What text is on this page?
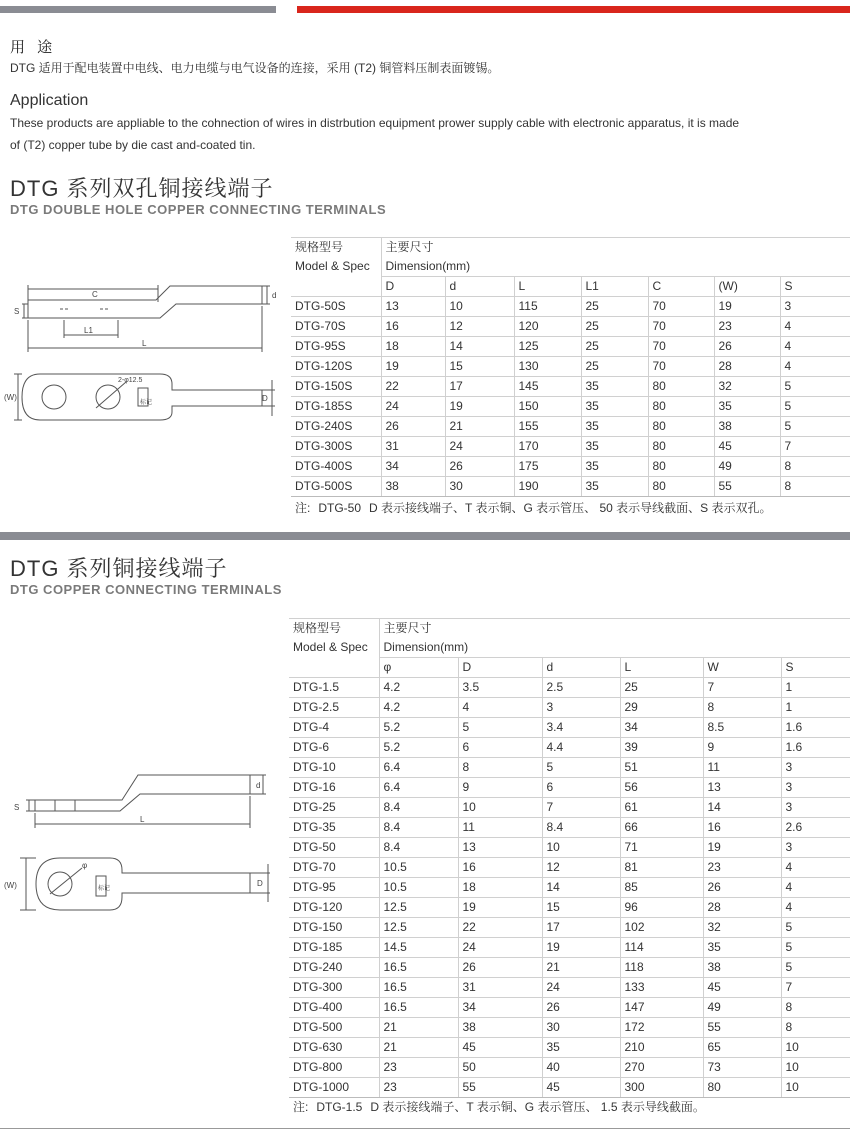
用 途
DTG 适用于配电装置中电线、电力电缆与电气设备的连接，采用 (T2) 铜管料压制表面镀锡。
Application
These products are appliable to the cohnection of wires in distrbution equipment prower supply cable with electronic apparatus, it is made
of (T2) copper tube by die cast and-coated tin.
DTG 系列双孔铜接线端子
DTG DOUBLE HOLE COPPER CONNECTING TERMINALS
C
S
d
L1
L
(W)	D
2-φ12.5
标记
规格型号	主要尺寸						
Model & Spec	Dimension(mm)						
	D	d	L	L1	C	(W)	S
DTG-50S	13	10	115	25	70	19	3
DTG-70S	16	12	120	25	70	23	4
DTG-95S	18	14	125	25	70	26	4
DTG-120S	19	15	130	25	70	28	4
DTG-150S	22	17	145	35	80	32	5
DTG-185S	24	19	150	35	80	35	5
DTG-240S	26	21	155	35	80	38	5
DTG-300S	31	24	170	35	80	45	7
DTG-400S	34	26	175	35	80	49	8
DTG-500S	38	30	190	35	80	55	8
注: DTG-50 D 表示接线端子、T 表示铜、G 表示管压、 50 表示导线截面、S 表示双孔。
DTG 系列铜接线端子
DTG COPPER CONNECTING TERMINALS
S
d
L
(W)	D
φ
标记
规格型号	主要尺寸					
Model & Spec	Dimension(mm)					
	φ	D	d	L	W	S
DTG-1.5	4.2	3.5	2.5	25	7	1
DTG-2.5	4.2	4	3	29	8	1
DTG-4	5.2	5	3.4	34	8.5	1.6
DTG-6	5.2	6	4.4	39	9	1.6
DTG-10	6.4	8	5	51	11	3
DTG-16	6.4	9	6	56	13	3
DTG-25	8.4	10	7	61	14	3
DTG-35	8.4	11	8.4	66	16	2.6
DTG-50	8.4	13	10	71	19	3
DTG-70	10.5	16	12	81	23	4
DTG-95	10.5	18	14	85	26	4
DTG-120	12.5	19	15	96	28	4
DTG-150	12.5	22	17	102	32	5
DTG-185	14.5	24	19	114	35	5
DTG-240	16.5	26	21	118	38	5
DTG-300	16.5	31	24	133	45	7
DTG-400	16.5	34	26	147	49	8
DTG-500	21	38	30	172	55	8
DTG-630	21	45	35	210	65	10
DTG-800	23	50	40	270	73	10
DTG-1000	23	55	45	300	80	10
注: DTG-1.5 D 表示接线端子、T 表示铜、G 表示管压、 1.5 表示导线截面。
